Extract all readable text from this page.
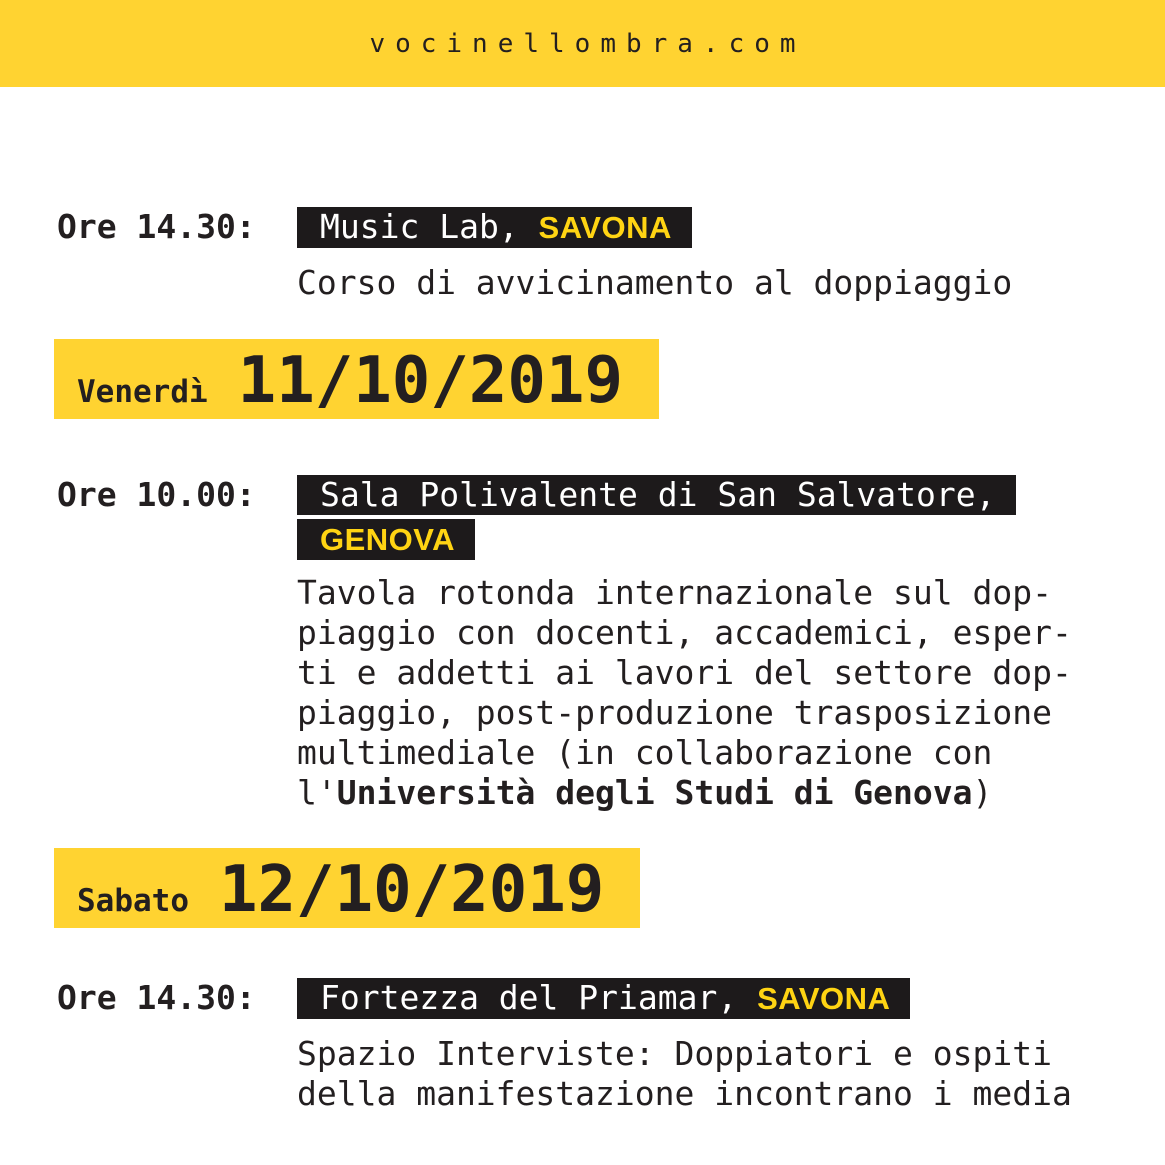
vocinellombra.com
Ore 14.30:	Music Lab, SAVONA
Corso di avvicinamento al doppiaggio
Venerdì 11/10/2019
Ore 10.00:	Sala Polivalente di San Salvatore,
GENOVA
Tavola rotonda internazionale sul dop-
piaggio con docenti, accademici, esper-
ti e addetti ai lavori del settore dop-
piaggio, post-produzione trasposizione
multimediale (in collaborazione con
l'Università degli Studi di Genova)
Sabato 12/10/2019
Ore 14.30:	Fortezza del Priamar, SAVONA
Spazio Interviste: Doppiatori e ospiti
della manifestazione incontrano i media
